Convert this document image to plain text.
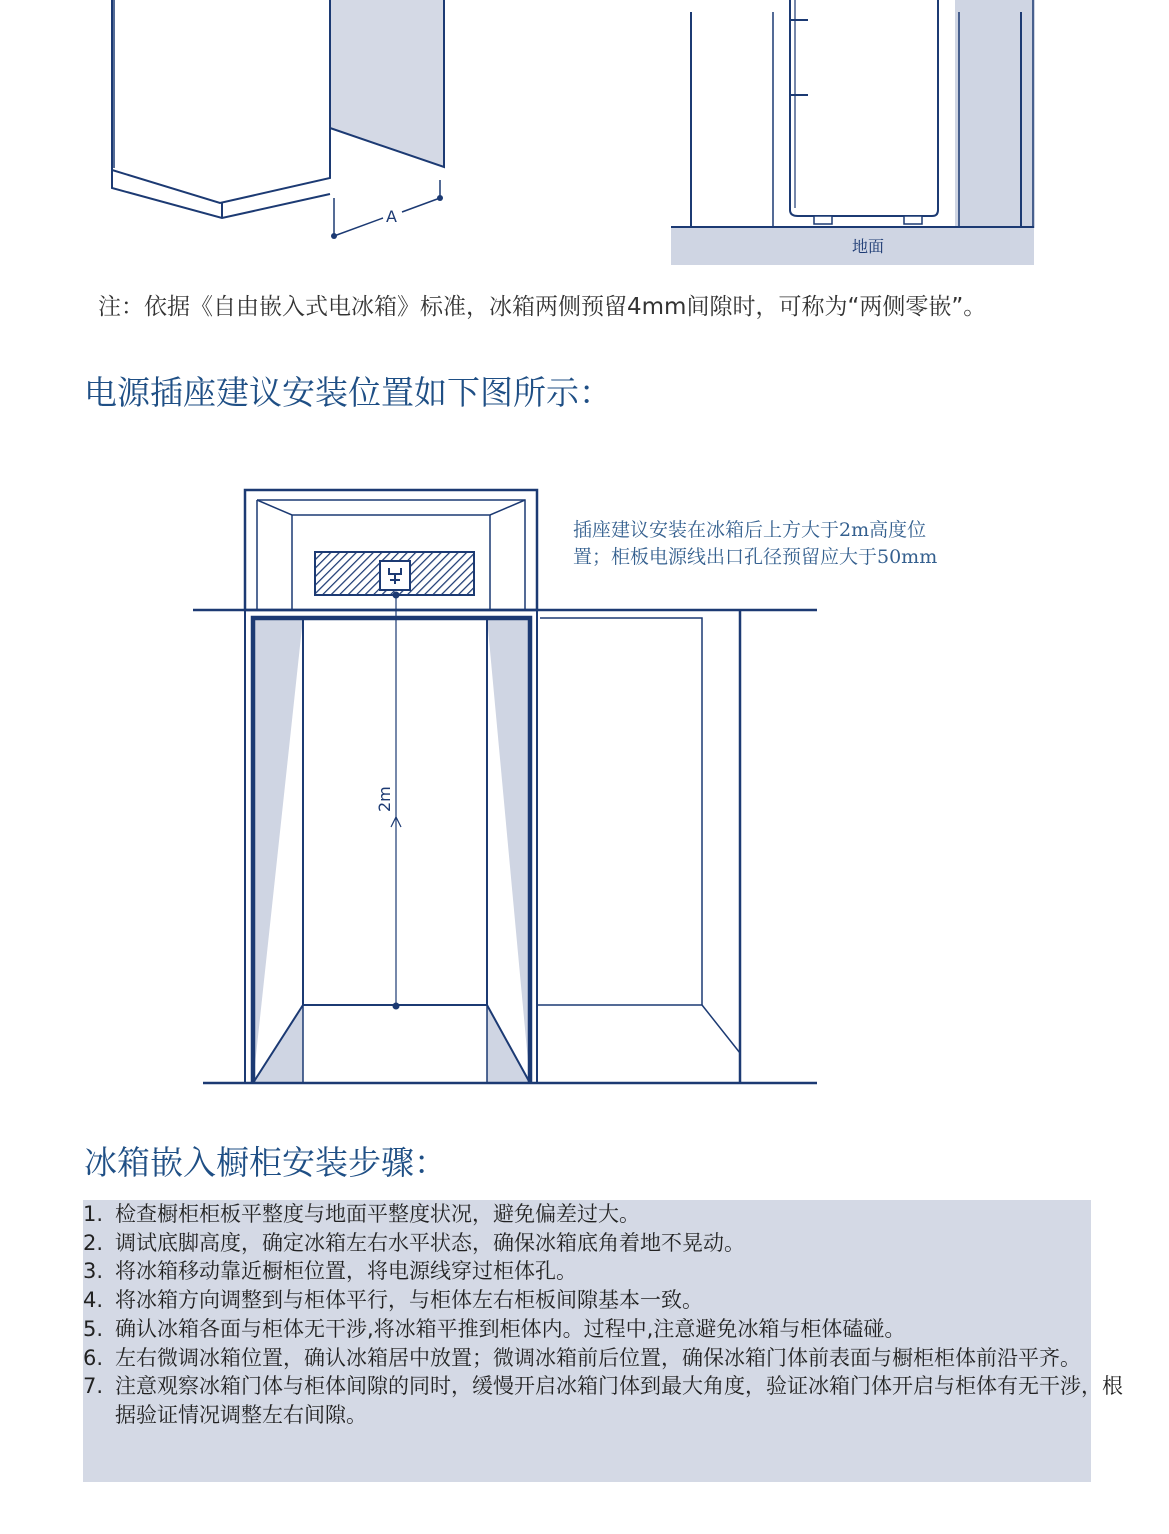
A
地面
2m

注：依据《自由嵌入式电冰箱》标准，冰箱两侧预留4mm间隙时，可称为“两侧零嵌”。

电源插座建议安装位置如下图所示：

插座建议安装在冰箱后上方大于2m高度位置；柜板电源线出口孔径预留应大于50mm

冰箱嵌入橱柜安装步骤：
1. 检查橱柜柜板平整度与地面平整度状况，避免偏差过大。
2. 调试底脚高度，确定冰箱左右水平状态，确保冰箱底角着地不晃动。
3. 将冰箱移动靠近橱柜位置，将电源线穿过柜体孔。
4. 将冰箱方向调整到与柜体平行，与柜体左右柜板间隙基本一致。
5. 确认冰箱各面与柜体无干涉,将冰箱平推到柜体内。过程中,注意避免冰箱与柜体磕碰。
6. 左右微调冰箱位置，确认冰箱居中放置；微调冰箱前后位置，确保冰箱门体前表面与橱柜柜体前沿平齐。
7. 注意观察冰箱门体与柜体间隙的同时，缓慢开启冰箱门体到最大角度，验证冰箱门体开启与柜体有无干涉，根据验证情况调整左右间隙。
